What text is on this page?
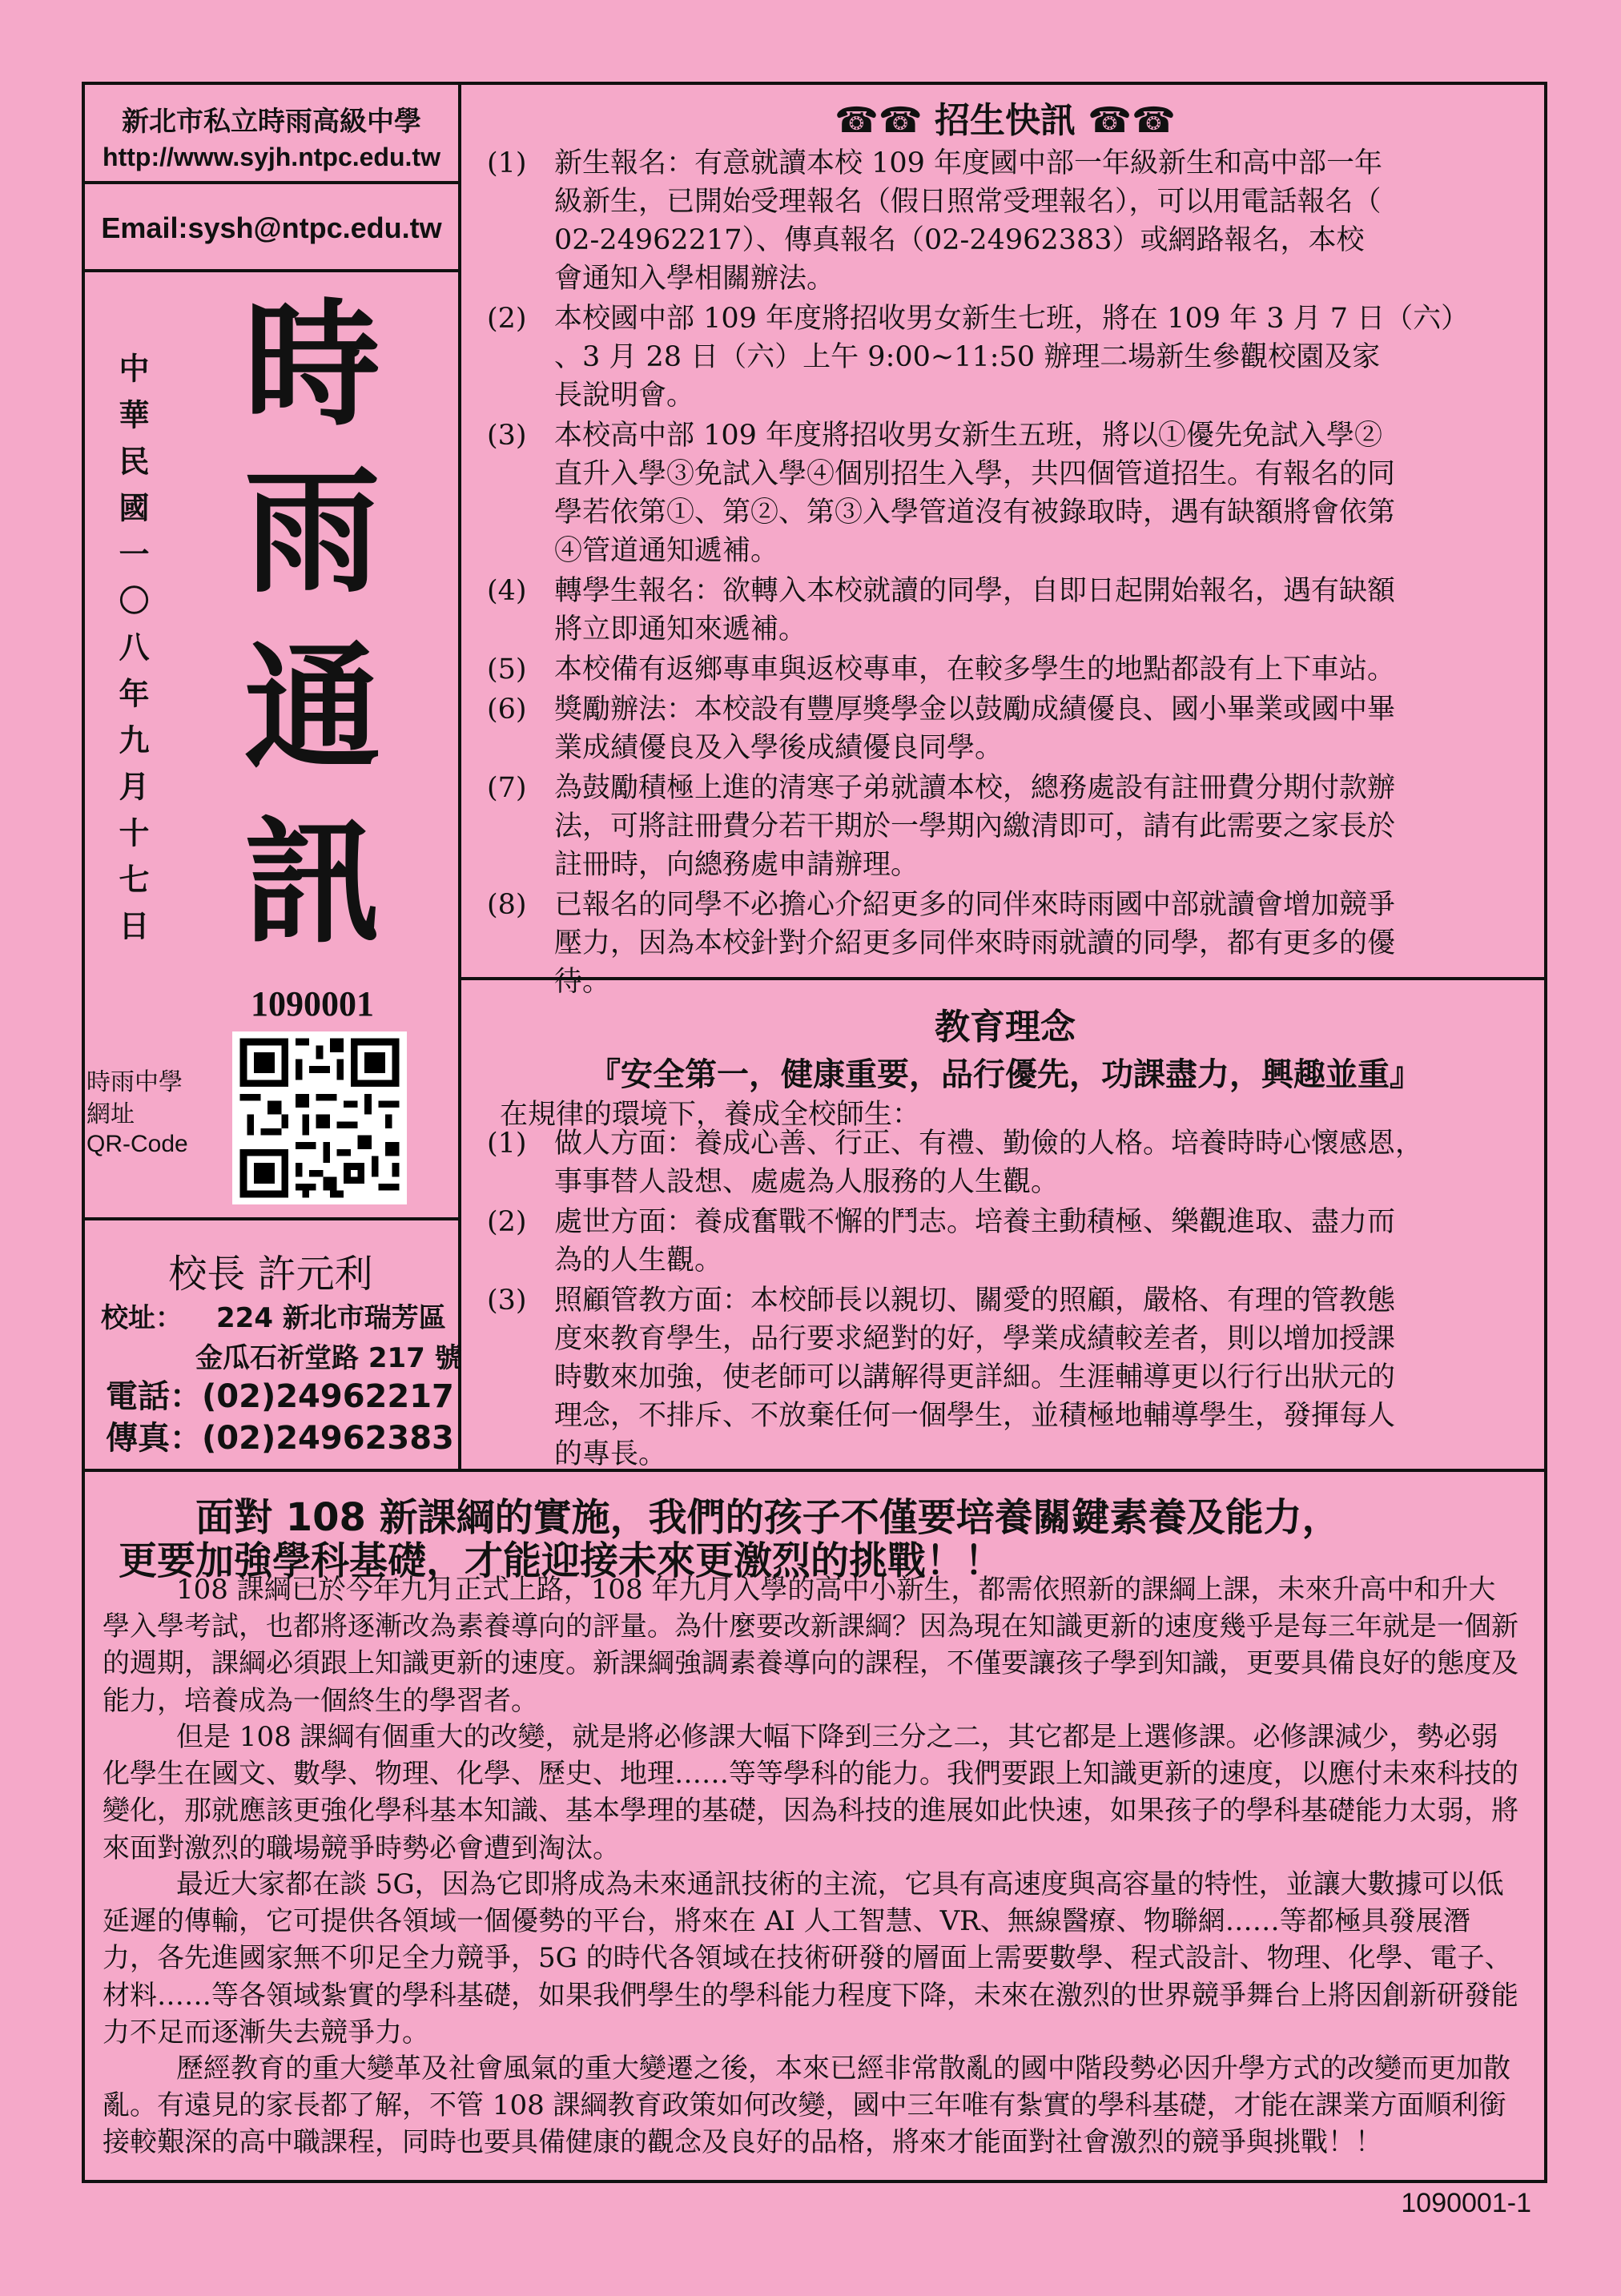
新北市私立時雨高級中學
http://www.syjh.ntpc.edu.tw
Email:sysh@ntpc.edu.tw
中華民國一〇八年九月十七日 時
雨
通
訊
1090001
時雨中學
網址
QR-Code
校長 許元利
校址： 224 新北市瑞芳區
金瓜石祈堂路 217 號
電話：(02)24962217
傳真：(02)24962383
☎☎ 招生快訊 ☎☎
(1) 新生報名：有意就讀本校 109 年度國中部一年級新生和高中部一年
級新生，已開始受理報名（假日照常受理報名），可以用電話報名（
02-24962217）、傳真報名（02-24962383）或網路報名，本校
會通知入學相關辦法。
(2) 本校國中部 109 年度將招收男女新生七班，將在 109 年 3 月 7 日（六）
、3 月 28 日（六）上午 9:00~11:50 辦理二場新生參觀校園及家
長說明會。
(3) 本校高中部 109 年度將招收男女新生五班，將以①優先免試入學②
直升入學③免試入學④個別招生入學，共四個管道招生。有報名的同
學若依第①、第②、第③入學管道沒有被錄取時，遇有缺額將會依第
④管道通知遞補。
(4) 轉學生報名：欲轉入本校就讀的同學，自即日起開始報名，遇有缺額
將立即通知來遞補。
(5) 本校備有返鄉專車與返校專車，在較多學生的地點都設有上下車站。
(6) 獎勵辦法：本校設有豐厚獎學金以鼓勵成績優良、國小畢業或國中畢
業成績優良及入學後成績優良同學。
(7) 為鼓勵積極上進的清寒子弟就讀本校，總務處設有註冊費分期付款辦
法，可將註冊費分若干期於一學期內繳清即可，請有此需要之家長於
註冊時，向總務處申請辦理。
(8) 已報名的同學不必擔心介紹更多的同伴來時雨國中部就讀會增加競爭
壓力，因為本校針對介紹更多同伴來時雨就讀的同學，都有更多的優
待。
教育理念
『安全第一，健康重要，品行優先，功課盡力，興趣並重』
在規律的環境下，養成全校師生：
(1) 做人方面：養成心善、行正、有禮、勤儉的人格。培養時時心懷感恩，
事事替人設想、處處為人服務的人生觀。
(2) 處世方面：養成奮戰不懈的鬥志。培養主動積極、樂觀進取、盡力而
為的人生觀。
(3) 照顧管教方面：本校師長以親切、關愛的照顧，嚴格、有理的管教態
度來教育學生，品行要求絕對的好，學業成績較差者，則以增加授課
時數來加強，使老師可以講解得更詳細。生涯輔導更以行行出狀元的
理念，不排斥、不放棄任何一個學生，並積極地輔導學生，發揮每人
的專長。
面對 108 新課綱的實施，我們的孩子不僅要培養關鍵素養及能力，
更要加強學科基礎，才能迎接未來更激烈的挑戰！！
108 課綱已於今年九月正式上路，108 年九月入學的高中小新生，都需依照新的課綱上課，未來升高中和升大學入學考試，也都將逐漸改為素養導向的評量。為什麼要改新課綱？因為現在知識更新的速度幾乎是每三年就是一個新的週期，課綱必須跟上知識更新的速度。新課綱強調素養導向的課程，不僅要讓孩子學到知識，更要具備良好的態度及能力，培養成為一個終生的學習者。
但是 108 課綱有個重大的改變，就是將必修課大幅下降到三分之二，其它都是上選修課。必修課減少，勢必弱化學生在國文、數學、物理、化學、歷史、地理……等等學科的能力。我們要跟上知識更新的速度，以應付未來科技的變化，那就應該更強化學科基本知識、基本學理的基礎，因為科技的進展如此快速，如果孩子的學科基礎能力太弱，將來面對激烈的職場競爭時勢必會遭到淘汰。
最近大家都在談 5G，因為它即將成為未來通訊技術的主流，它具有高速度與高容量的特性，並讓大數據可以低延遲的傳輸，它可提供各領域一個優勢的平台，將來在 AI 人工智慧、VR、無線醫療、物聯網……等都極具發展潛力，各先進國家無不卯足全力競爭，5G 的時代各領域在技術研發的層面上需要數學、程式設計、物理、化學、電子、材料……等各領域紮實的學科基礎，如果我們學生的學科能力程度下降，未來在激烈的世界競爭舞台上將因創新研發能力不足而逐漸失去競爭力。
歷經教育的重大變革及社會風氣的重大變遷之後，本來已經非常散亂的國中階段勢必因升學方式的改變而更加散亂。有遠見的家長都了解，不管 108 課綱教育政策如何改變，國中三年唯有紮實的學科基礎，才能在課業方面順利銜接較艱深的高中職課程，同時也要具備健康的觀念及良好的品格，將來才能面對社會激烈的競爭與挑戰！！
1090001-1
